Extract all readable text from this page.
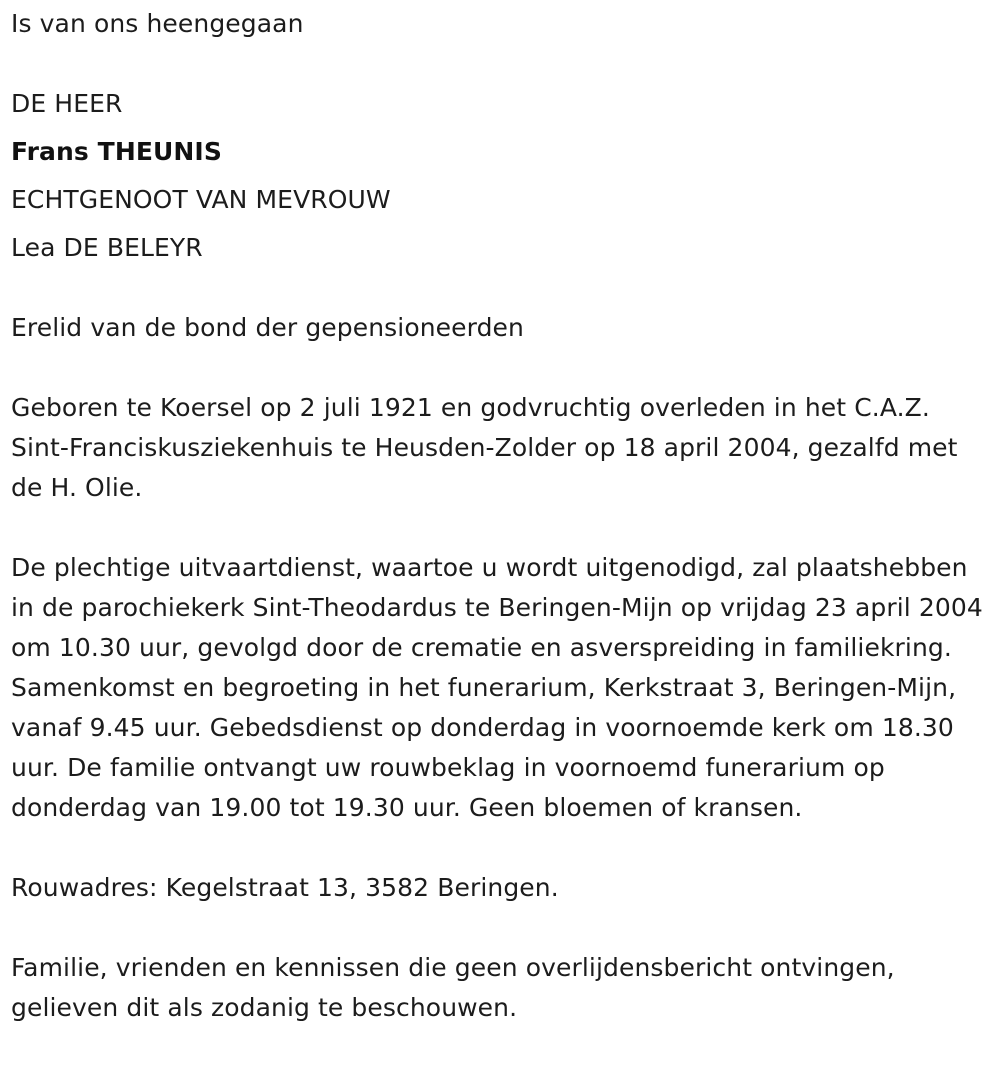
Is van ons heengegaan

DE HEER

Frans THEUNIS

ECHTGENOOT VAN MEVROUW

Lea DE BELEYR

Erelid van de bond der gepensioneerden

Geboren te Koersel op 2 juli 1921 en godvruchtig overleden in het C.A.Z. Sint-Franciskusziekenhuis te Heusden-Zolder op 18 april 2004, gezalfd met de H. Olie.

De plechtige uitvaartdienst, waartoe u wordt uitgenodigd, zal plaatshebben in de parochiekerk Sint-Theodardus te Beringen-Mijn op vrijdag 23 april 2004 om 10.30 uur, gevolgd door de crematie en asverspreiding in familiekring. Samenkomst en begroeting in het funerarium, Kerkstraat 3, Beringen-Mijn, vanaf 9.45 uur. Gebedsdienst op donderdag in voornoemde kerk om 18.30 uur. De familie ontvangt uw rouwbeklag in voornoemd funerarium op donderdag van 19.00 tot 19.30 uur. Geen bloemen of kransen.

Rouwadres: Kegelstraat 13, 3582 Beringen.

Familie, vrienden en kennissen die geen overlijdensbericht ontvingen, gelieven dit als zodanig te beschouwen.
